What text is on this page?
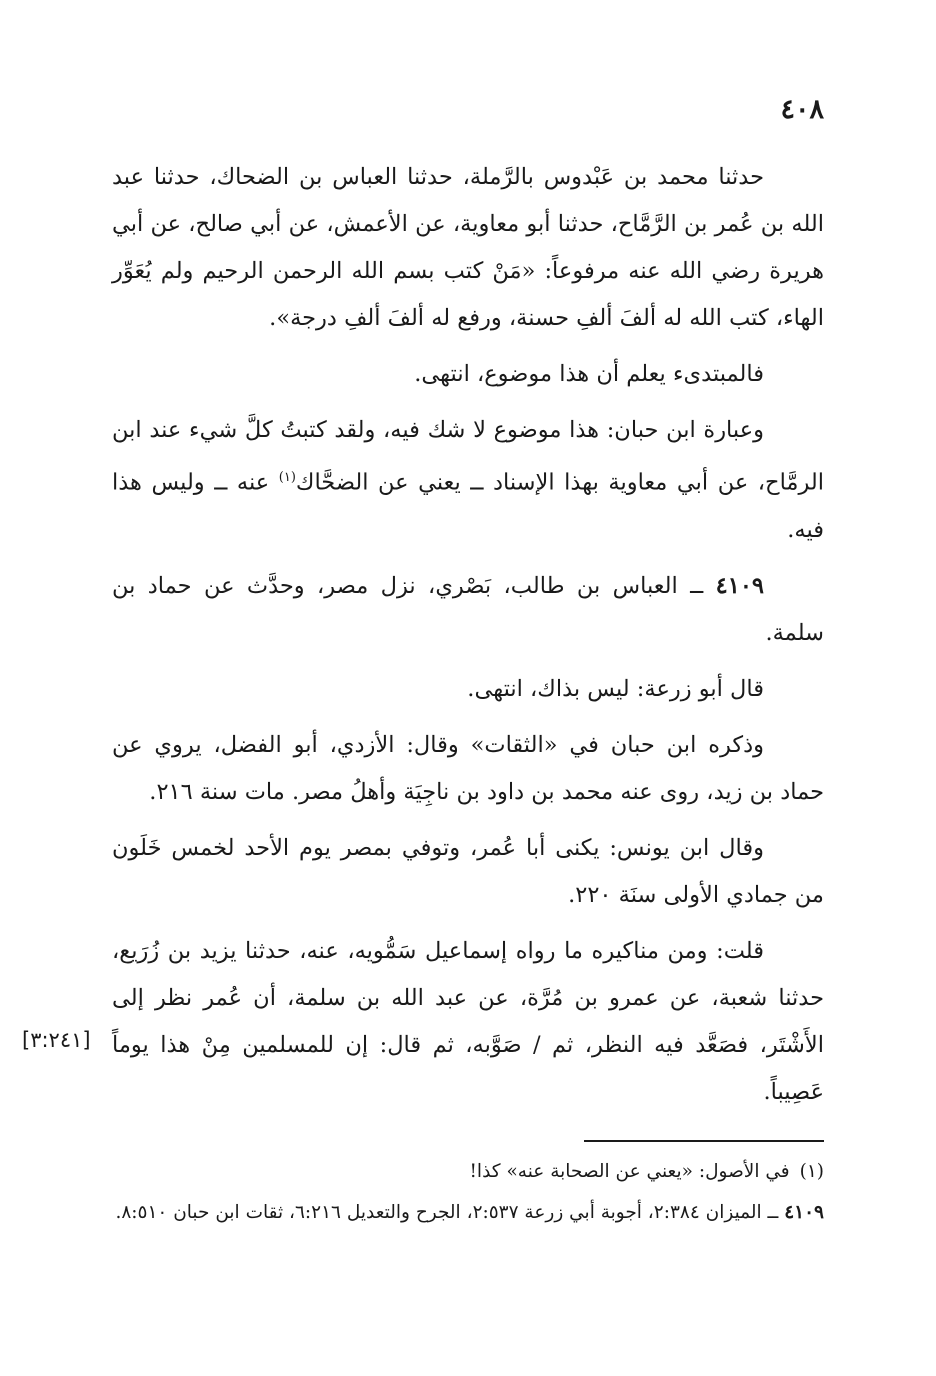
٤٠٨

حدثنا محمد بن عَبْدوس بالرَّملة، حدثنا العباس بن الضحاك، حدثنا عبد الله بن عُمر بن الرَّمَّاح، حدثنا أبو معاوية، عن الأعمش، عن أبي صالح، عن أبي هريرة رضي الله عنه مرفوعاً: «مَنْ كتب بسم الله الرحمن الرحيم ولم يُعَوِّر الهاء، كتب الله له ألفَ ألفِ حسنة، ورفع له ألفَ ألفِ درجة».

فالمبتدىء يعلم أن هذا موضوع، انتهى.

وعبارة ابن حبان: هذا موضوع لا شك فيه، ولقد كتبتُ كلَّ شيء عند ابن الرمَّاح، عن أبي معاوية بهذا الإسناد ــ يعني عن الضحَّاك$^{(١)}$ عنه ــ وليس هذا فيه.

٤١٠٩ ــ العباس بن طالب، بَصْري، نزل مصر، وحدَّث عن حماد بن سلمة.

قال أبو زرعة: ليس بذاك، انتهى.

وذكره ابن حبان في «الثقات» وقال: الأزدي، أبو الفضل، يروي عن حماد بن زيد، روى عنه محمد بن داود بن ناجِيَة وأهلُ مصر. مات سنة ٢١٦.

وقال ابن يونس: يكنى أبا عُمر، وتوفي بمصر يوم الأحد لخمس خَلَون من جمادي الأولى سنَة ٢٢٠.

قلت: ومن مناكيره ما رواه إسماعيل سَمُّويه، عنه، حدثنا يزيد بن زُرَيع، حدثنا شعبة، عن عمرو بن مُرَّة، عن عبد الله بن سلمة، أن عُمر نظر إلى الأَشْتَر، فصَعَّد فيه النظر، ثم / صَوَّبه، ثم قال: إن للمسلمين مِنْ هذا يوماً عَصِيباً.

[٣:٢٤١]

(١)في الأصول: «يعني عن الصحابة عنه» كذا!

٤١٠٩ ــ الميزان ٢:٣٨٤، أجوبة أبي زرعة ٢:٥٣٧، الجرح والتعديل ٦:٢١٦، ثقات ابن حبان ٨:٥١٠.
